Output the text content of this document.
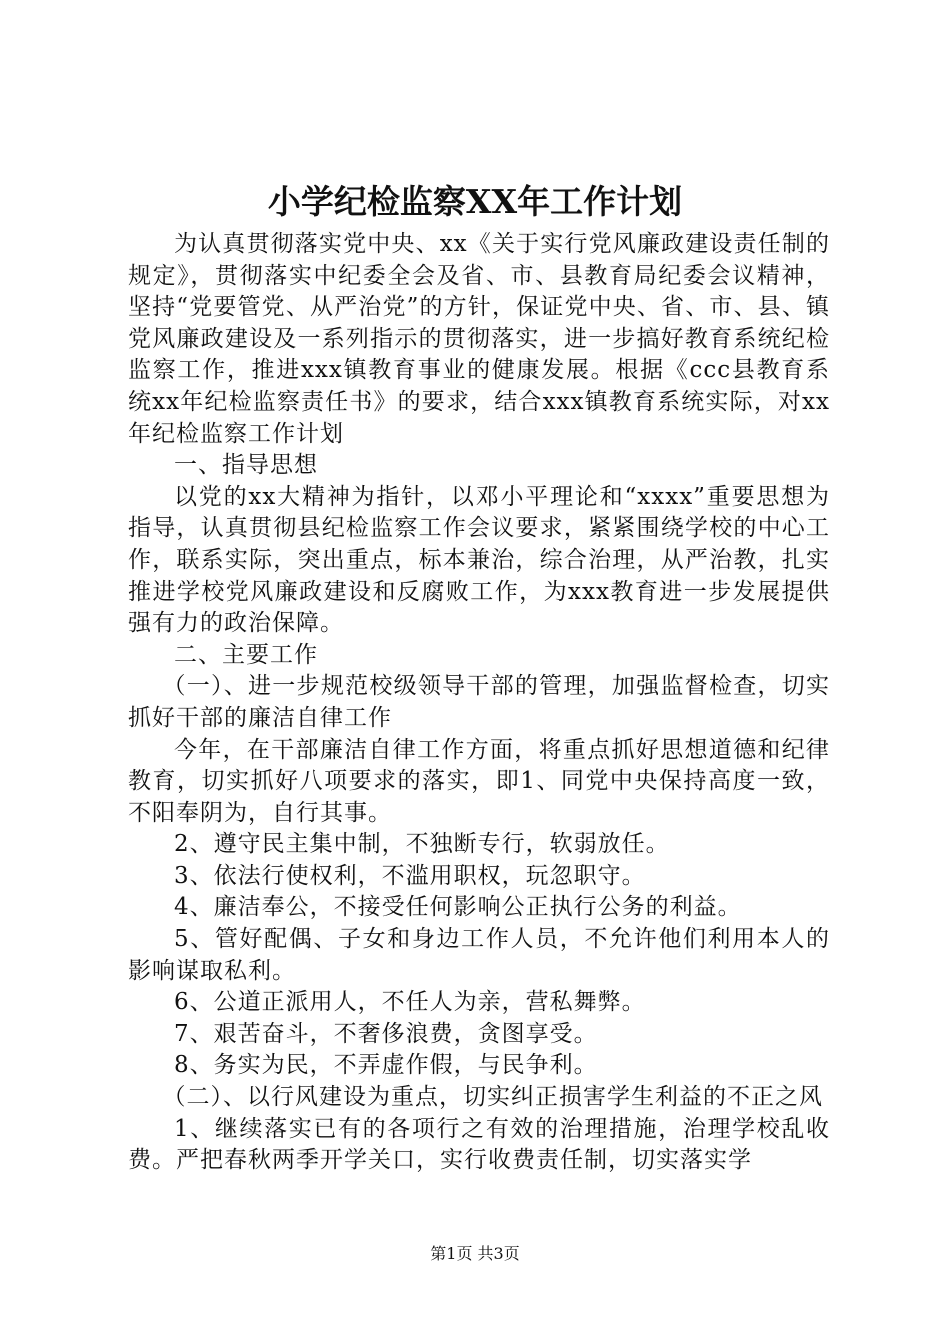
小学纪检监察XX年工作计划

为认真贯彻落实党中央、xx《关于实行党风廉政建设责任制的规定》，贯彻落实中纪委全会及省、市、县教育局纪委会议精神，坚持“党要管党、从严治党”的方针，保证党中央、省、市、县、镇党风廉政建设及一系列指示的贯彻落实，进一步搞好教育系统纪检监察工作，推进xxx镇教育事业的健康发展。根据《ccc县教育系统xx年纪检监察责任书》的要求，结合xxx镇教育系统实际，对xx年纪检监察工作计划

一、指导思想

以党的xx大精神为指针，以邓小平理论和“xxxx”重要思想为指导，认真贯彻县纪检监察工作会议要求，紧紧围绕学校的中心工作，联系实际，突出重点，标本兼治，综合治理，从严治教，扎实推进学校党风廉政建设和反腐败工作，为xxx教育进一步发展提供强有力的政治保障。

二、主要工作

（一）、进一步规范校级领导干部的管理，加强监督检查，切实抓好干部的廉洁自律工作

今年，在干部廉洁自律工作方面，将重点抓好思想道德和纪律教育，切实抓好八项要求的落实，即1、同党中央保持高度一致，不阳奉阴为，自行其事。

2、遵守民主集中制，不独断专行，软弱放任。

3、依法行使权利，不滥用职权，玩忽职守。

4、廉洁奉公，不接受任何影响公正执行公务的利益。

5、管好配偶、子女和身边工作人员，不允许他们利用本人的影响谋取私利。

6、公道正派用人，不任人为亲，营私舞弊。

7、艰苦奋斗，不奢侈浪费，贪图享受。

8、务实为民，不弄虚作假，与民争利。

（二）、以行风建设为重点，切实纠正损害学生利益的不正之风

1、继续落实已有的各项行之有效的治理措施，治理学校乱收费。严把春秋两季开学关口，实行收费责任制，切实落实学

第1页 共3页
